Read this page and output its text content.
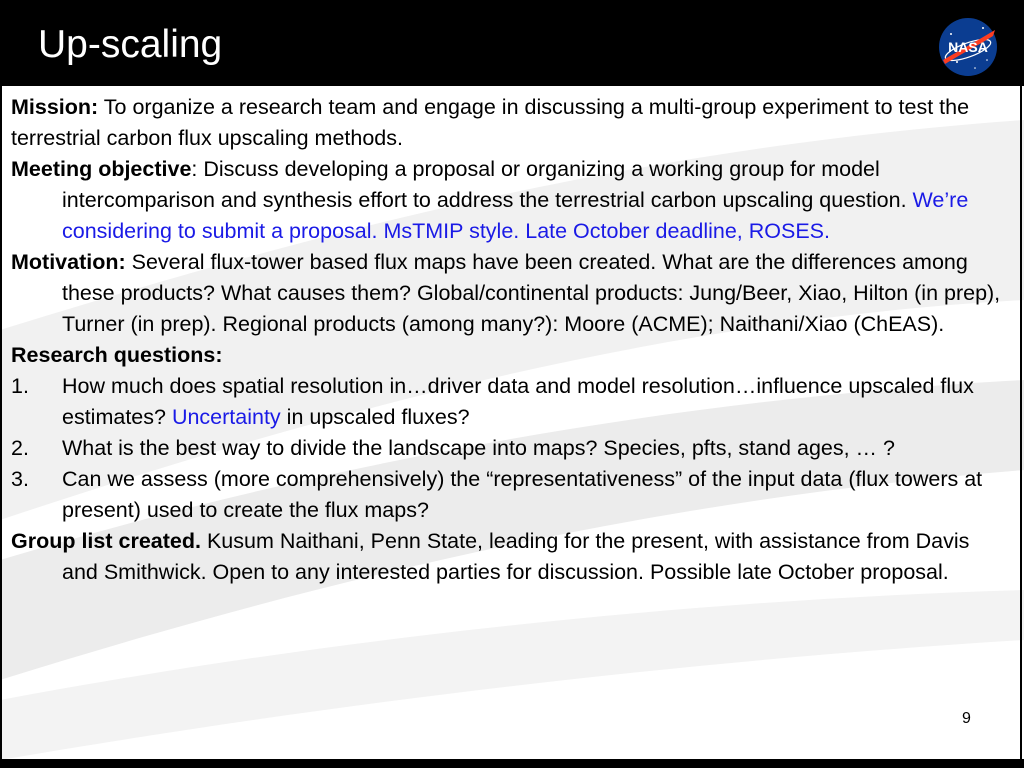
Up-scaling	NASA

Mission: To organize a research team and engage in discussing a multi-group experiment to test the terrestrial carbon flux upscaling methods.

Meeting objective: Discuss developing a proposal or organizing a working group for model intercomparison and synthesis effort to address the terrestrial carbon upscaling question. We’re considering to submit a proposal. MsTMIP style. Late October deadline, ROSES.

Motivation: Several flux-tower based flux maps have been created. What are the differences among these products? What causes them? Global/continental products: Jung/Beer, Xiao, Hilton (in prep), Turner (in prep). Regional products (among many?): Moore (ACME); Naithani/Xiao (ChEAS).

Research questions:

1. How much does spatial resolution in…driver data and model resolution…influence upscaled flux estimates? Uncertainty in upscaled fluxes?

2. What is the best way to divide the landscape into maps? Species, pfts, stand ages, … ?

3. Can we assess (more comprehensively) the “representativeness” of the input data (flux towers at present) used to create the flux maps?

Group list created. Kusum Naithani, Penn State, leading for the present, with assistance from Davis and Smithwick. Open to any interested parties for discussion. Possible late October proposal.

9
